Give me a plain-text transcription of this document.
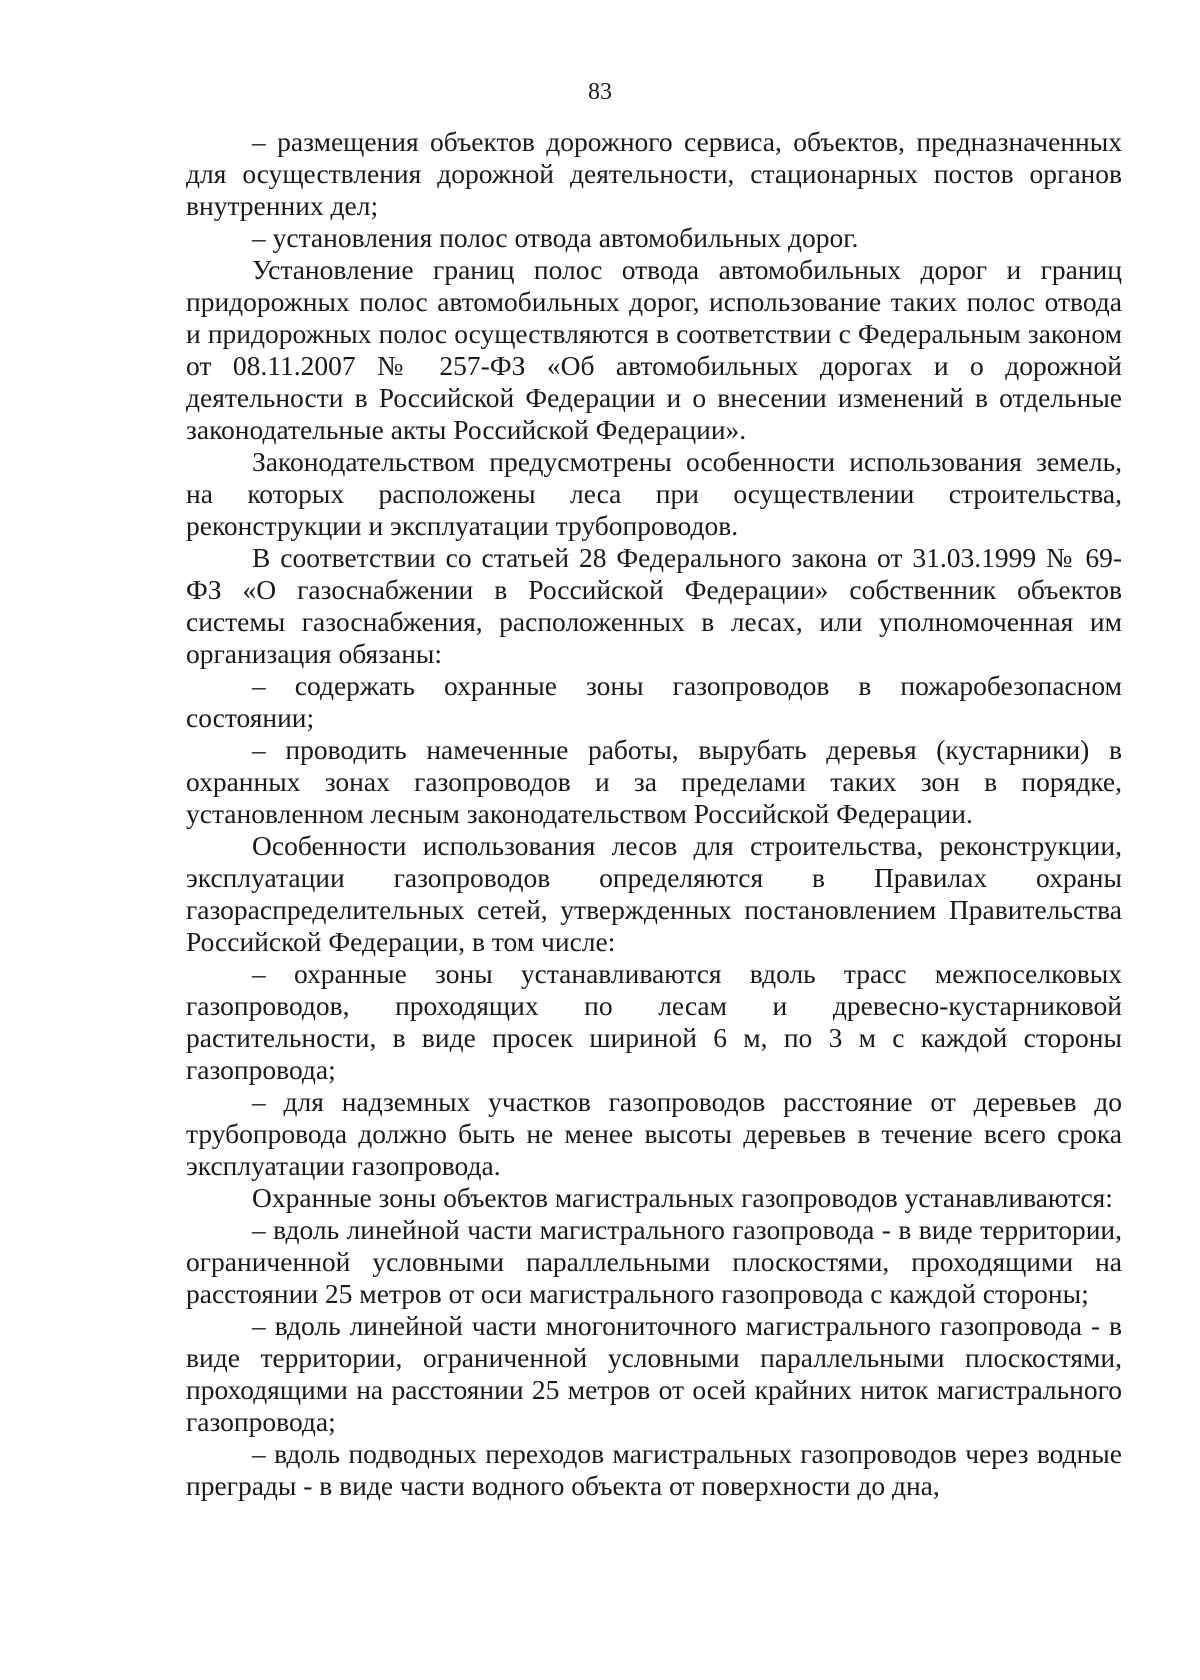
83

– размещения объектов дорожного сервиса, объектов, предназначенных для осуществления дорожной деятельности, стационарных постов органов внутренних дел;

– установления полос отвода автомобильных дорог.

Установление границ полос отвода автомобильных дорог и границ придорожных полос автомобильных дорог, использование таких полос отвода и придорожных полос осуществляются в соответствии с Федеральным законом от 08.11.2007 № 257-ФЗ «Об автомобильных дорогах и о дорожной деятельности в Российской Федерации и о внесении изменений в отдельные законодательные акты Российской Федерации».

Законодательством предусмотрены особенности использования земель, на которых расположены леса при осуществлении строительства, реконструкции и эксплуатации трубопроводов.

В соответствии со статьей 28 Федерального закона от 31.03.1999 № 69-ФЗ «О газоснабжении в Российской Федерации» собственник объектов системы газоснабжения, расположенных в лесах, или уполномоченная им организация обязаны:

– содержать охранные зоны газопроводов в пожаробезопасном состоянии;

– проводить намеченные работы, вырубать деревья (кустарники) в охранных зонах газопроводов и за пределами таких зон в порядке, установленном лесным законодательством Российской Федерации.

Особенности использования лесов для строительства, реконструкции, эксплуатации газопроводов определяются в Правилах охраны газораспределительных сетей, утвержденных постановлением Правительства Российской Федерации, в том числе:

– охранные зоны устанавливаются вдоль трасс межпоселковых газопроводов, проходящих по лесам и древесно-кустарниковой растительности, в виде просек шириной 6 м, по 3 м с каждой стороны газопровода;

– для надземных участков газопроводов расстояние от деревьев до трубопровода должно быть не менее высоты деревьев в течение всего срока эксплуатации газопровода.

Охранные зоны объектов магистральных газопроводов устанавливаются:

– вдоль линейной части магистрального газопровода - в виде территории, ограниченной условными параллельными плоскостями, проходящими на расстоянии 25 метров от оси магистрального газопровода с каждой стороны;

– вдоль линейной части многониточного магистрального газопровода - в виде территории, ограниченной условными параллельными плоскостями, проходящими на расстоянии 25 метров от осей крайних ниток магистрального газопровода;

– вдоль подводных переходов магистральных газопроводов через водные преграды - в виде части водного объекта от поверхности до дна,
